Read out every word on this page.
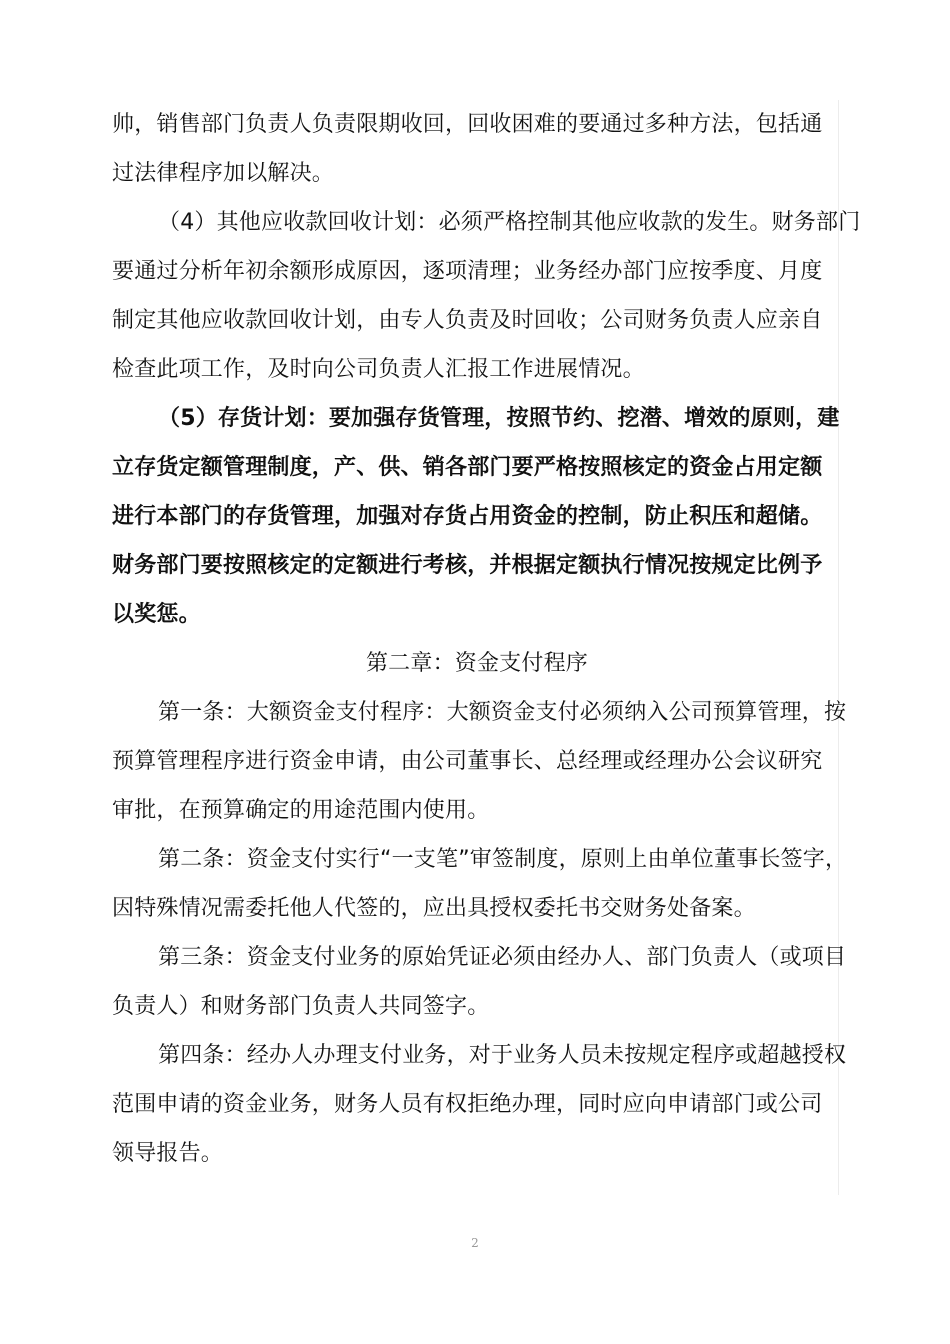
帅，销售部门负责人负责限期收回，回收困难的要通过多种方法，包括通
过法律程序加以解决。
（4）其他应收款回收计划：必须严格控制其他应收款的发生。财务部门
要通过分析年初余额形成原因，逐项清理；业务经办部门应按季度、月度
制定其他应收款回收计划，由专人负责及时回收；公司财务负责人应亲自
检查此项工作，及时向公司负责人汇报工作进展情况。
（5）存货计划：要加强存货管理，按照节约、挖潜、增效的原则，建
立存货定额管理制度，产、供、销各部门要严格按照核定的资金占用定额
进行本部门的存货管理，加强对存货占用资金的控制，防止积压和超储。
财务部门要按照核定的定额进行考核，并根据定额执行情况按规定比例予
以奖惩。
第二章：资金支付程序
第一条：大额资金支付程序：大额资金支付必须纳入公司预算管理，按
预算管理程序进行资金申请，由公司董事长、总经理或经理办公会议研究
审批，在预算确定的用途范围内使用。
第二条：资金支付实行“一支笔”审签制度，原则上由单位董事长签字，
因特殊情况需委托他人代签的，应出具授权委托书交财务处备案。
第三条：资金支付业务的原始凭证必须由经办人、部门负责人（或项目
负责人）和财务部门负责人共同签字。
第四条：经办人办理支付业务，对于业务人员未按规定程序或超越授权
范围申请的资金业务，财务人员有权拒绝办理，同时应向申请部门或公司
领导报告。
2
